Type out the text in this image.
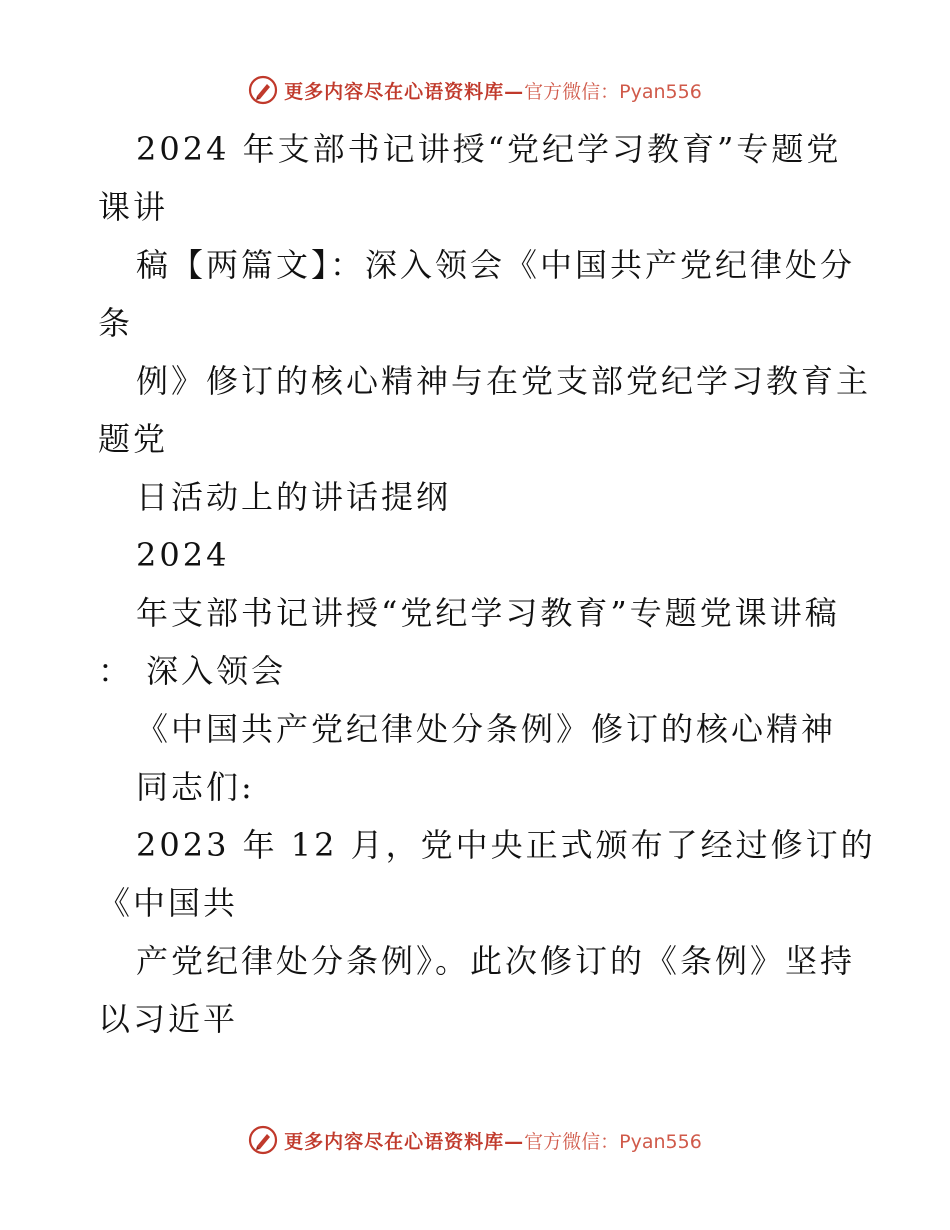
更多内容尽在心语资料库— 官方微信：Pyan556
2024 年支部书记讲授“党纪学习教育”专题党
课讲
稿【两篇文】：深入领会《中国共产党纪律处分
条
例》修订的核心精神与在党支部党纪学习教育主
题党
日活动上的讲话提纲
2024
年支部书记讲授“党纪学习教育”专题党课讲稿
： 深入领会
《中国共产党纪律处分条例》修订的核心精神
同志们:
2023 年 12 月，党中央正式颁布了经过修订的
《中国共
产党纪律处分条例》。此次修订的《条例》坚持
以习近平
更多内容尽在心语资料库— 官方微信：Pyan556
